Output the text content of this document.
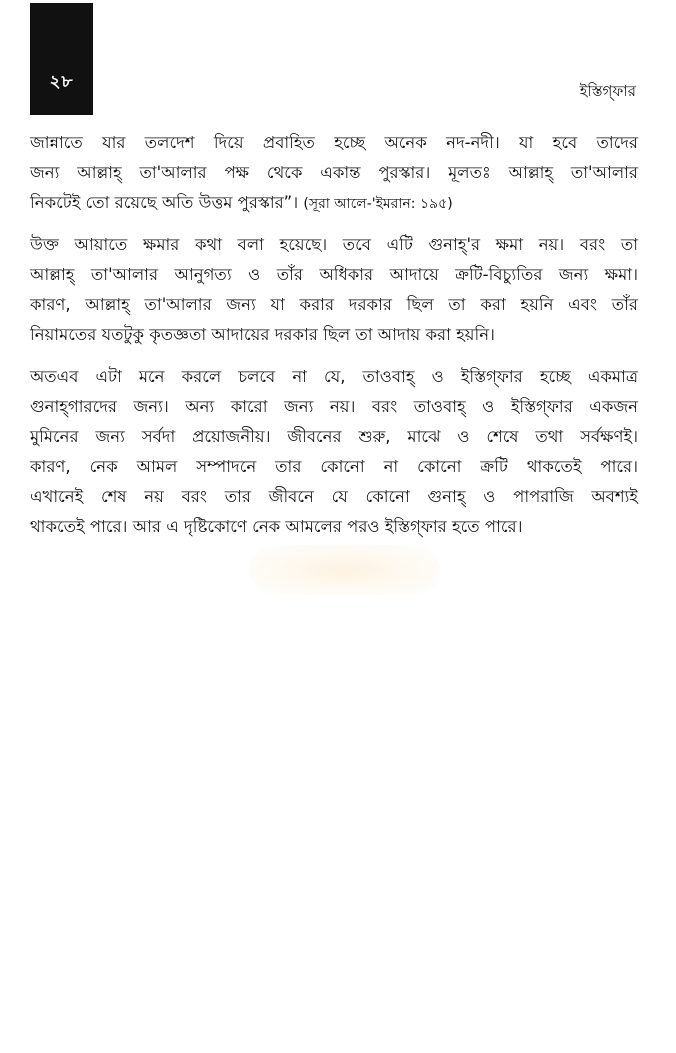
২৮	ইস্তিগ্‌ফার
জান্নাতে যার তলদেশ দিয়ে প্রবাহিত হচ্ছে অনেক নদ-নদী। যা হবে তাদের
জন্য আল্লাহ্‌ তা'আলার পক্ষ থেকে একান্ত পুরস্কার। মূলতঃ আল্লাহ্‌ তা'আলার
নিকটেই তো রয়েছে অতি উত্তম পুরস্কার”। (সূরা আলে-'ইমরান: ১৯৫)
উক্ত আয়াতে ক্ষমার কথা বলা হয়েছে। তবে এটি গুনাহ্‌'র ক্ষমা নয়। বরং তা
আল্লাহ্‌ তা'আলার আনুগত্য ও তাঁর অধিকার আদায়ে ক্রটি-বিচ্যুতির জন্য ক্ষমা।
কারণ, আল্লাহ্‌ তা'আলার জন্য যা করার দরকার ছিল তা করা হয়নি এবং তাঁর
নিয়ামতের যতটুকু কৃতজ্ঞতা আদায়ের দরকার ছিল তা আদায় করা হয়নি।
অতএব এটা মনে করলে চলবে না যে, তাওবাহ্‌ ও ইস্তিগ্‌ফার হচ্ছে একমাত্র
গুনাহ্‌গারদের জন্য। অন্য কারো জন্য নয়। বরং তাওবাহ্‌ ও ইস্তিগ্‌ফার একজন
মুমিনের জন্য সর্বদা প্রয়োজনীয়। জীবনের শুরু, মাঝে ও শেষে তথা সর্বক্ষণই।
কারণ, নেক আমল সম্পাদনে তার কোনো না কোনো ক্রটি থাকতেই পারে।
এখানেই শেষ নয় বরং তার জীবনে যে কোনো গুনাহ্‌ ও পাপরাজি অবশ্যই
থাকতেই পারে। আর এ দৃষ্টিকোণে নেক আমলের পরও ইস্তিগ্‌ফার হতে পারে।
